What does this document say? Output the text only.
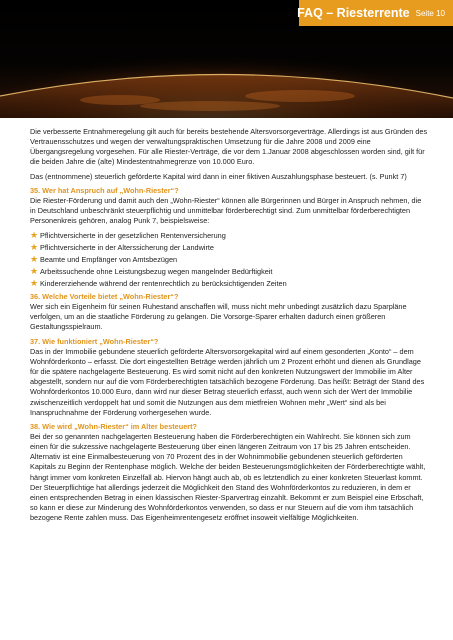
FAQ – Riesterrente Seite 10

Die verbesserte Entnahmeregelung gilt auch für bereits bestehende Altersvorsorgeverträge. Allerdings ist aus Gründen des Vertrauensschutzes und wegen der verwaltungspraktischen Umsetzung für die Jahre 2008 und 2009 eine Übergangsregelung vorgesehen. Für alle Riester-Verträge, die vor dem 1.Januar 2008 abgeschlossen worden sind, gilt für die beiden Jahre die (alte) Mindestentnahmegrenze von 10.000 Euro.

Das (entnommene) steuerlich geförderte Kapital wird dann in einer fiktiven Auszahlungsphase besteuert. (s. Punkt 7)

35. Wer hat Anspruch auf „Wohn-Riester“?

Die Riester-Förderung und damit auch den „Wohn-Riester“ können alle Bürgerinnen und Bürger in Anspruch nehmen, die in Deutschland unbeschränkt steuerpflichtig und unmittelbar förderberechtigt sind. Zum unmittelbar förderberechtigten Personenkreis gehören, analog Punk 7, beispielsweise:

★ Pflichtversicherte in der gesetzlichen Rentenversicherung
★ Pflichtversicherte in der Alterssicherung der Landwirte
★ Beamte und Empfänger von Amtsbezügen
★ Arbeitssuchende ohne Leistungsbezug wegen mangelnder Bedürftigkeit
★ Kindererziehende während der rentenrechtlich zu berücksichtigenden Zeiten
36. Welche Vorteile bietet „Wohn-Riester“?

Wer sich ein Eigenheim für seinen Ruhestand anschaffen will, muss nicht mehr unbedingt zusätzlich dazu Sparpläne verfolgen, um an die staatliche Förderung zu gelangen. Die Vorsorge-Sparer erhalten dadurch einen größeren Gestaltungsspielraum.

37. Wie funktioniert „Wohn-Riester“?

Das in der Immobilie gebundene steuerlich geförderte Altersvorsorgekapital wird auf einem gesonderten „Konto“ – dem Wohnförderkonto – erfasst. Die dort eingestellten Beträge werden jährlich um 2 Prozent erhöht und dienen als Grundlage für die spätere nachgelagerte Besteuerung. Es wird somit nicht auf den konkreten Nutzungswert der Immobilie im Alter abgestellt, sondern nur auf die vom Förderberechtigten tatsächlich bezogene Förderung. Das heißt: Beträgt der Stand des Wohnförderkontos 10.000 Euro, dann wird nur dieser Betrag steuerlich erfasst, auch wenn sich der Wert der Immobilie zwischenzeitlich verdoppelt hat und somit die Nutzungen aus dem mietfreien Wohnen mehr „Wert“ sind als bei Inanspruchnahme der Förderung vorhergesehen wurde.

38. Wie wird „Wohn-Riester“ im Alter besteuert?

Bei der so genannten nachgelagerten Besteuerung haben die Förderberechtigten ein Wahlrecht. Sie können sich zum einen für die sukzessive nachgelagerte Besteuerung über einen längeren Zeitraum von 17 bis 25 Jahren entscheiden. Alternativ ist eine Einmalbesteuerung von 70 Prozent des in der Wohnimmobilie gebundenen steuerlich geförderten Kapitals zu Beginn der Rentenphase möglich. Welche der beiden Besteuerungsmöglichkeiten der Förderberechtigte wählt, hängt immer vom konkreten Einzelfall ab. Hiervon hängt auch ab, ob es letztendlich zu einer konkreten Steuerlast kommt. Der Steuerpflichtige hat allerdings jederzeit die Möglichkeit den Stand des Wohnförderkontos zu reduzieren, in dem er einen entsprechenden Betrag in einen klassischen Riester-Sparvertrag einzahlt. Bekommt er zum Beispiel eine Erbschaft, so kann er diese zur Minderung des Wohnförderkontos verwenden, so dass er nur Steuern auf die vom ihm tatsächlich bezogene Rente zahlen muss. Das Eigenheimrentengesetz eröffnet insoweit vielfältige Möglichkeiten.
